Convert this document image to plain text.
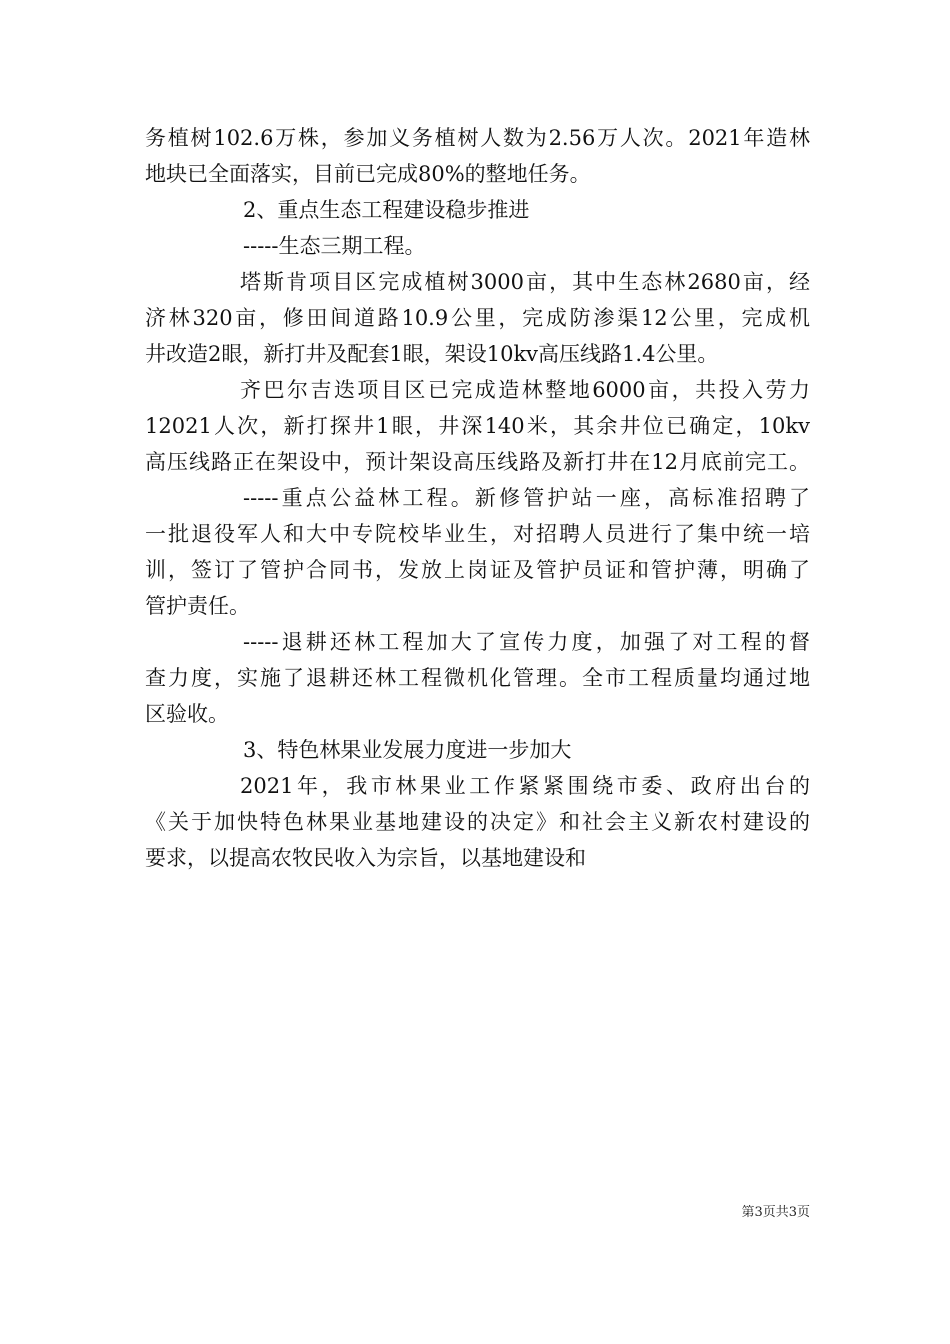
务植树102.6万株，参加义务植树人数为2.56万人次。2021年造林
地块已全面落实，目前已完成80%的整地任务。
2、重点生态工程建设稳步推进
-----生态三期工程。
塔斯肯项目区完成植树3000亩，其中生态林2680亩，经
济林320亩，修田间道路10.9公里，完成防渗渠12公里，完成机
井改造2眼，新打井及配套1眼，架设10kv高压线路1.4公里。
齐巴尔吉迭项目区已完成造林整地6000亩，共投入劳力
12021人次，新打探井1眼，井深140米，其余井位已确定，10kv
高压线路正在架设中，预计架设高压线路及新打井在12月底前完工。
-----重点公益林工程。新修管护站一座，高标准招聘了
一批退役军人和大中专院校毕业生，对招聘人员进行了集中统一培
训，签订了管护合同书，发放上岗证及管护员证和管护薄，明确了
管护责任。
-----退耕还林工程加大了宣传力度，加强了对工程的督
查力度，实施了退耕还林工程微机化管理。全市工程质量均通过地
区验收。
3、特色林果业发展力度进一步加大
2021年，我市林果业工作紧紧围绕市委、政府出台的
《关于加快特色林果业基地建设的决定》和社会主义新农村建设的
要求，以提高农牧民收入为宗旨，以基地建设和
第3页共3页
